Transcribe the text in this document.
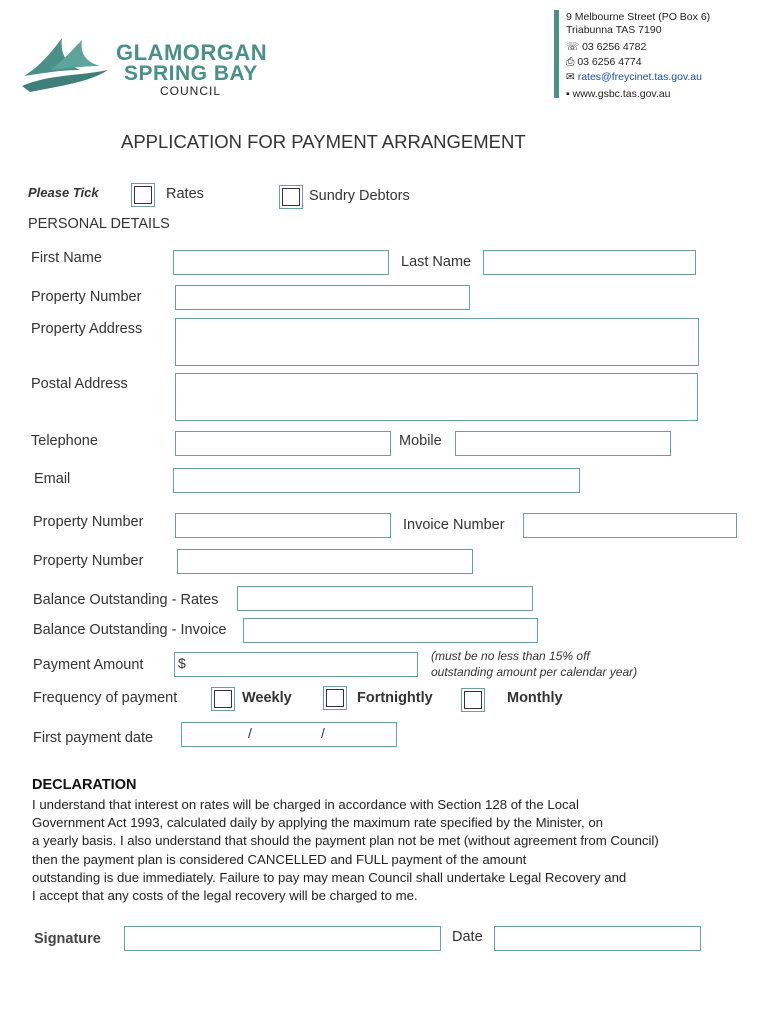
GLAMORGAN
SPRING BAY
COUNCIL
9 Melbourne Street (PO Box 6)
Triabunna TAS 7190
☏ 03 6256 4782
⎙ 03 6256 4774
✉ rates@freycinet.tas.gov.au
▪ www.gsbc.tas.gov.au
APPLICATION FOR PAYMENT ARRANGEMENT
Please Tick	Rates	Sundry Debtors
PERSONAL DETAILS
First Name	Last Name
Property Number
Property Address
Postal Address
Telephone	Mobile
Email
Property Number	Invoice Number
Property Number
Balance Outstanding - Rates
Balance Outstanding - Invoice
Payment Amount $	(must be no less than 15% off
outstanding amount per calendar year)
Frequency of payment	Weekly	Fortnightly	Monthly
First payment date	/	/
DECLARATION
I understand that interest on rates will be charged in accordance with Section 128 of the Local
Government Act 1993, calculated daily by applying the maximum rate specified by the Minister, on
a yearly basis. I also understand that should the payment plan not be met (without agreement from Council)
then the payment plan is considered CANCELLED and FULL payment of the amount
outstanding is due immediately. Failure to pay may mean Council shall undertake Legal Recovery and
I accept that any costs of the legal recovery will be charged to me.
Signature	Date
